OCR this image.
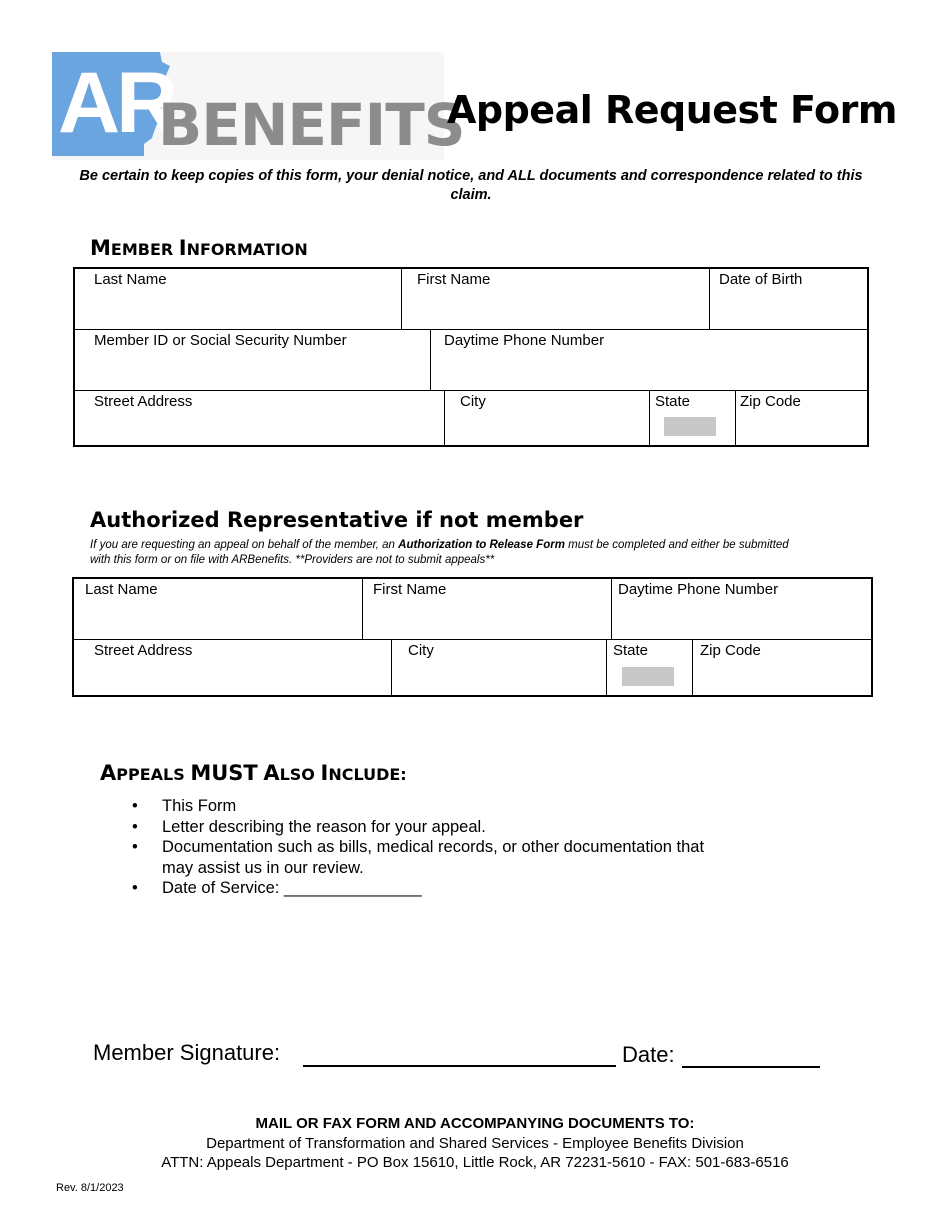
AR
BENEFITS
Appeal Request Form
Be certain to keep copies of this form, your denial notice, and ALL documents and correspondence related to this claim.
MEMBER INFORMATION
Last Name	First Name	Date of Birth
Member ID or Social Security Number	Daytime Phone Number
Street Address	City	State	Zip Code
Authorized Representative if not member
If you are requesting an appeal on behalf of the member, an Authorization to Release Form must be completed and either be submitted with this form or on file with ARBenefits. **Providers are not to submit appeals**
Last Name	First Name	Daytime Phone Number
Street Address	City	State	Zip Code
APPEALS MUST ALSO INCLUDE:
• This Form
• Letter describing the reason for your appeal.
• Documentation such as bills, medical records, or other documentation that may assist us in our review.
• Date of Service: _______________
Member Signature:	Date:
MAIL OR FAX FORM AND ACCOMPANYING DOCUMENTS TO:
Department of Transformation and Shared Services - Employee Benefits Division
ATTN: Appeals Department - PO Box 15610, Little Rock, AR 72231-5610 - FAX: 501-683-6516
Rev. 8/1/2023
